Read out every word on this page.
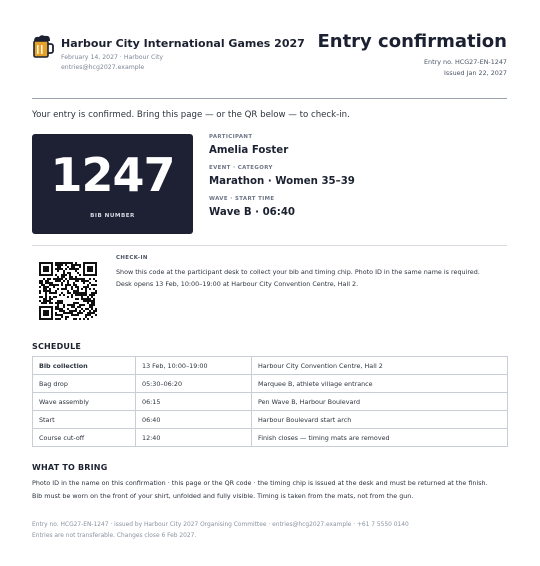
Harbour City International Games 2027
February 14, 2027 · Harbour City
entries@hcg2027.example
Entry confirmation
Entry no. HCG27-EN-1247
Issued Jan 22, 2027
Your entry is confirmed. Bring this page — or the QR below — to check-in.
1247
BIB NUMBER
PARTICIPANT
Amelia Foster
EVENT · CATEGORY
Marathon · Women 35–39
WAVE · START TIME
Wave B · 06:40
CHECK-IN
Show this code at the participant desk to collect your bib and timing chip. Photo ID in the same name is required.
Desk opens 13 Feb, 10:00–19:00 at Harbour City Convention Centre, Hall 2.
SCHEDULE
Bib collection	13 Feb, 10:00–19:00	Harbour City Convention Centre, Hall 2
Bag drop	05:30–06:20	Marquee B, athlete village entrance
Wave assembly	06:15	Pen Wave B, Harbour Boulevard
Start	06:40	Harbour Boulevard start arch
Course cut-off	12:40	Finish closes — timing mats are removed
WHAT TO BRING
Photo ID in the name on this confirmation · this page or the QR code · the timing chip is issued at the desk and must be returned at the finish.
Bib must be worn on the front of your shirt, unfolded and fully visible. Timing is taken from the mats, not from the gun.
Entry no. HCG27-EN-1247 · issued by Harbour City 2027 Organising Committee · entries@hcg2027.example · +61 7 5550 0140
Entries are not transferable. Changes close 6 Feb 2027.
